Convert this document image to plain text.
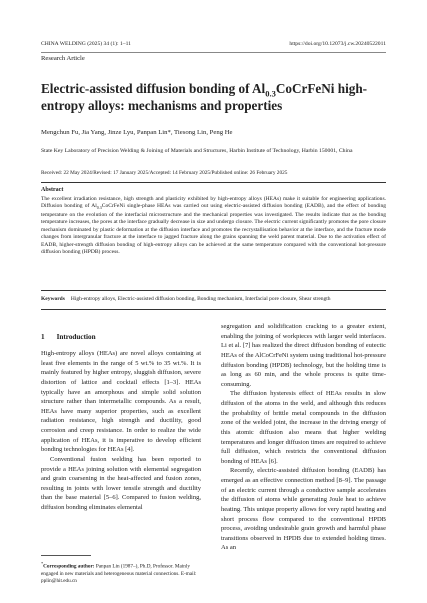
CHINA WELDING (2025) 34 (1): 1–11	https://doi.org/10.12073/j.cw.20240522011
Research Article
Electric-assisted diffusion bonding of $Al_{0.3}CoCrFeNi$ high-entropy alloys: mechanisms and properties
Mengchun Fu, Jia Yang, Jinze Lyu, Panpan Lin*, Tiesong Lin, Peng He
State Key Laboratory of Precision Welding & Joining of Materials and Structures, Harbin Institute of Technology, Harbin 150001, China
Received: 22 May 2024/Revised: 17 January 2025/Accepted: 14 February 2025/Published online: 26 February 2025
Abstract
The excellent irradiation resistance, high strength and plasticity exhibited by high-entropy alloys (HEAs) make it suitable for engineering applications. Diffusion bonding of $Al_{0.3}CoCrFeNi$ single-phase HEAs was carried out using electric-assisted diffusion bonding (EADB), and the effect of bonding temperature on the evolution of the interfacial microstructure and the mechanical properties was investigated. The results indicate that as the bonding temperature increases, the pores at the interface gradually decrease in size and undergo closure. The electric current significantly promotes the pore closure mechanism dominated by plastic deformation at the diffusion interface and promotes the recrystallisation behavior at the interface, and the fracture mode changes from intergranular fracture at the interface to jagged fracture along the grains spanning the weld parent material. Due to the activation effect of EADB, higher-strength diffusion bonding of high-entropy alloys can be achieved at the same temperature compared with the conventional hot-pressure diffusion bonding (HPDB) process.
Keywords High-entropy alloys, Electric-assisted diffusion bonding, Bonding mechanism, Interfacial pore closure, Shear strength
1 Introduction

High-entropy alloys (HEAs) are novel alloys containing at least five elements in the range of 5 wt.% to 35 wt.%. It is mainly featured by higher entropy, sluggish diffusion, severe distortion of lattice and cocktail effects [1–3]. HEAs typically have an amorphous and simple solid solution structure rather than intermetallic compounds. As a result, HEAs have many superior properties, such as excellent radiation resistance, high strength and ductility, good corrosion and creep resistance. In order to realize the wide application of HEAs, it is imperative to develop efficient bonding technologies for HEAs [4].

Conventional fusion welding has been reported to provide a HEAs joining solution with elemental segregation and grain coarsening in the heat-affected and fusion zones, resulting in joints with lower tensile strength and ductility than the base material [5–6]. Compared to fusion welding, diffusion bonding eliminates elemental

segregation and solidification cracking to a greater extent, enabling the joining of workpieces with larger weld interfaces. Li et al. [7] has realized the direct diffusion bonding of eutectic HEAs of the AlCoCrFeNi system using traditional hot-pressure diffusion bonding (HPDB) technology, but the holding time is as long as 60 min, and the whole process is quite time-consuming.

The diffusion hysteresis effect of HEAs results in slow diffusion of the atoms in the weld, and although this reduces the probability of brittle metal compounds in the diffusion zone of the welded joint, the increase in the driving energy of this atomic diffusion also means that higher welding temperatures and longer diffusion times are required to achieve full diffusion, which restricts the conventional diffusion bonding of HEAs [6].

Recently, electric-assisted diffusion bonding (EADB) has emerged as an effective connection method [8–9]. The passage of an electric current through a conductive sample accelerates the diffusion of atoms while generating Joule heat to achieve heating. This unique property allows for very rapid heating and short process flow compared to the conventional HPDB process, avoiding undesirable grain growth and harmful phase transitions observed in HPDB due to extended holding times. As an

*Corresponding author: Panpan Lin (1987–), Ph.D, Professor. Mainly engaged in new materials and heterogeneous material connections. E-mail: pplin@hit.edu.cn
